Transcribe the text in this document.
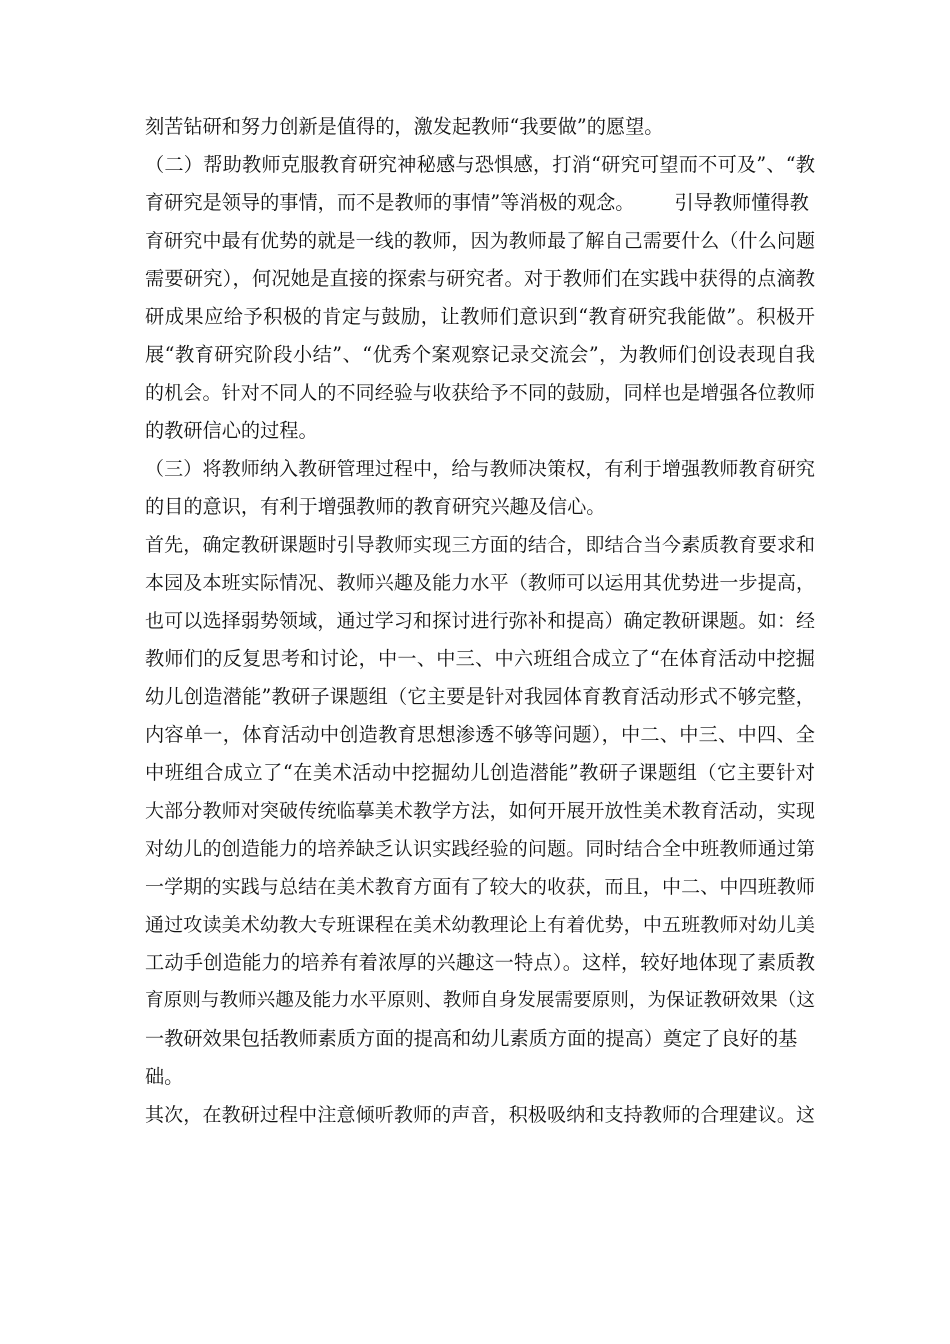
刻苦钻研和努力创新是值得的，激发起教师“我要做”的愿望。
（二）帮助教师克服教育研究神秘感与恐惧感，打消“研究可望而不可及”、“教
育研究是领导的事情，而不是教师的事情”等消极的观念。 引导教师懂得教
育研究中最有优势的就是一线的教师，因为教师最了解自己需要什么（什么问题
需要研究），何况她是直接的探索与研究者。对于教师们在实践中获得的点滴教
研成果应给予积极的肯定与鼓励，让教师们意识到“教育研究我能做”。积极开
展“教育研究阶段小结”、“优秀个案观察记录交流会”，为教师们创设表现自我
的机会。针对不同人的不同经验与收获给予不同的鼓励，同样也是增强各位教师
的教研信心的过程。
（三）将教师纳入教研管理过程中，给与教师决策权，有利于增强教师教育研究
的目的意识，有利于增强教师的教育研究兴趣及信心。
首先，确定教研课题时引导教师实现三方面的结合，即结合当今素质教育要求和
本园及本班实际情况、教师兴趣及能力水平（教师可以运用其优势进一步提高，
也可以选择弱势领域，通过学习和探讨进行弥补和提高）确定教研课题。如：经
教师们的反复思考和讨论，中一、中三、中六班组合成立了“在体育活动中挖掘
幼儿创造潜能”教研子课题组（它主要是针对我园体育教育活动形式不够完整，
内容单一，体育活动中创造教育思想渗透不够等问题），中二、中三、中四、全
中班组合成立了“在美术活动中挖掘幼儿创造潜能”教研子课题组（它主要针对
大部分教师对突破传统临摹美术教学方法，如何开展开放性美术教育活动，实现
对幼儿的创造能力的培养缺乏认识实践经验的问题。同时结合全中班教师通过第
一学期的实践与总结在美术教育方面有了较大的收获，而且，中二、中四班教师
通过攻读美术幼教大专班课程在美术幼教理论上有着优势，中五班教师对幼儿美
工动手创造能力的培养有着浓厚的兴趣这一特点）。这样，较好地体现了素质教
育原则与教师兴趣及能力水平原则、教师自身发展需要原则，为保证教研效果（这
一教研效果包括教师素质方面的提高和幼儿素质方面的提高）奠定了良好的基
础。
其次，在教研过程中注意倾听教师的声音，积极吸纳和支持教师的合理建议。这
